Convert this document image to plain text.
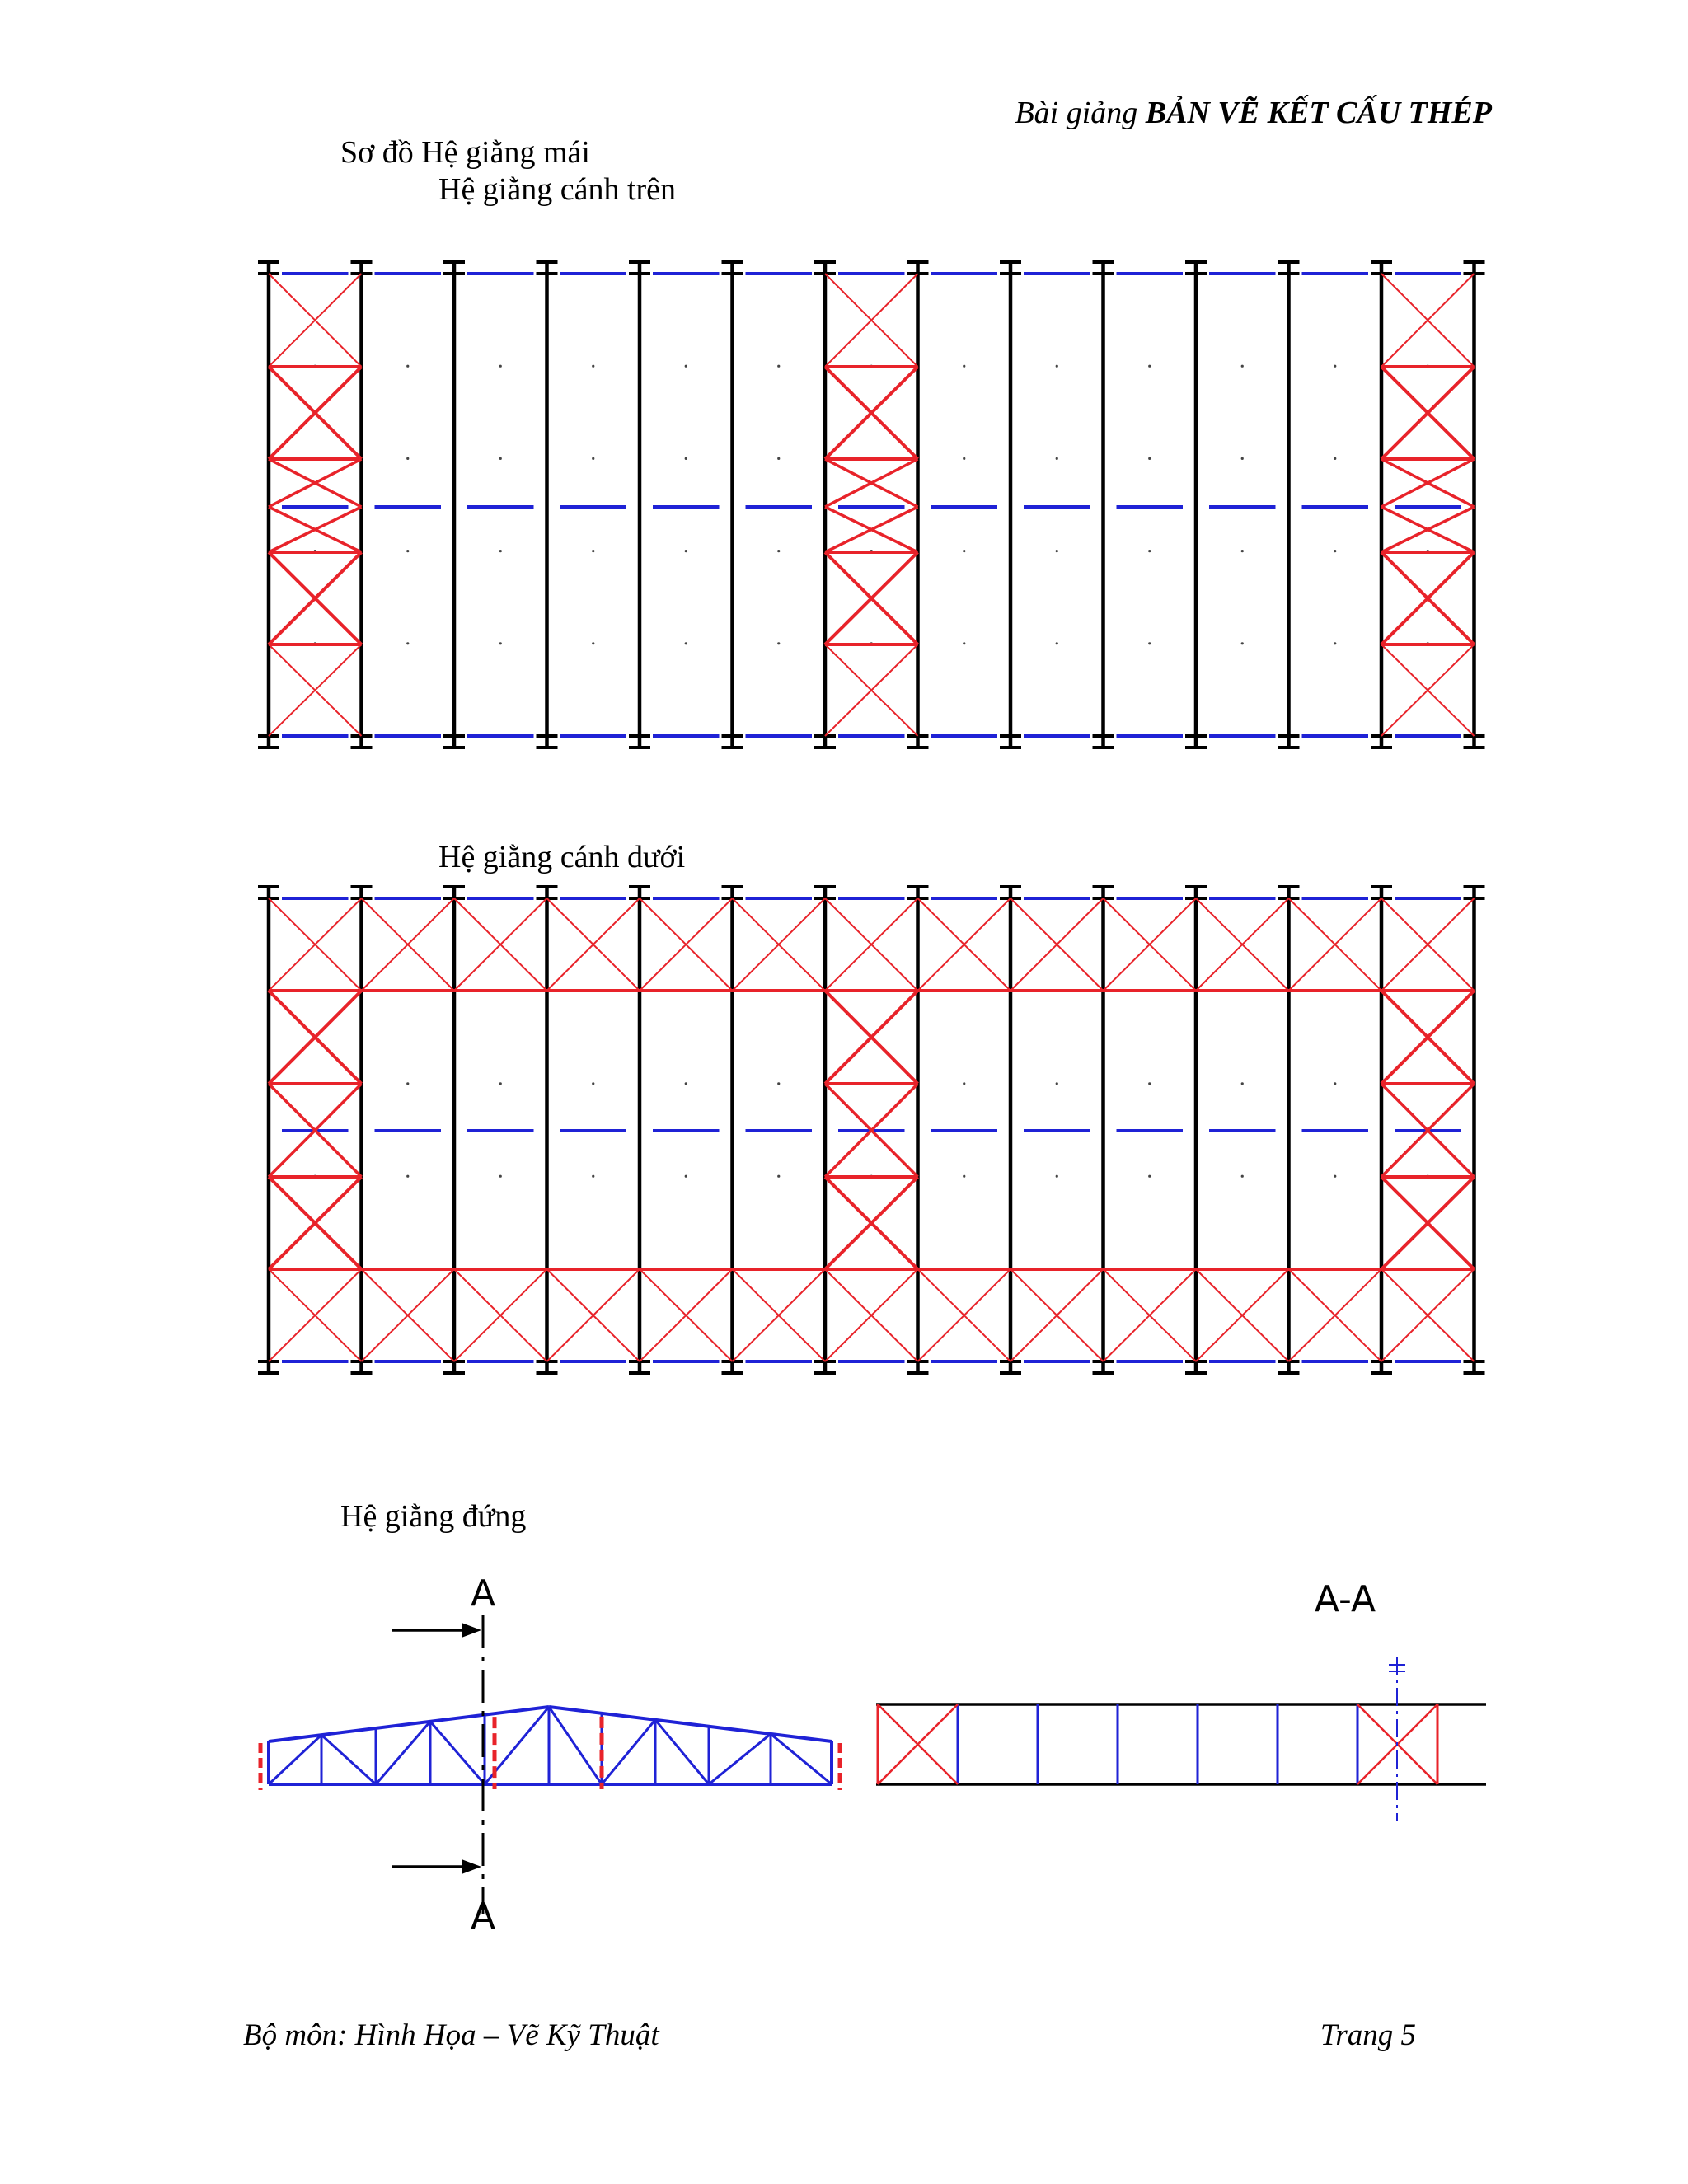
Bài giảng BẢN VẼ KẾT CẤU THÉP
Sơ đồ Hệ giằng mái
Hệ giằng cánh trên
Hệ giằng cánh dưới
Hệ giằng đứng
A
A
A-A
Bộ môn: Hình Họa – Vẽ Kỹ Thuật	Trang 5
